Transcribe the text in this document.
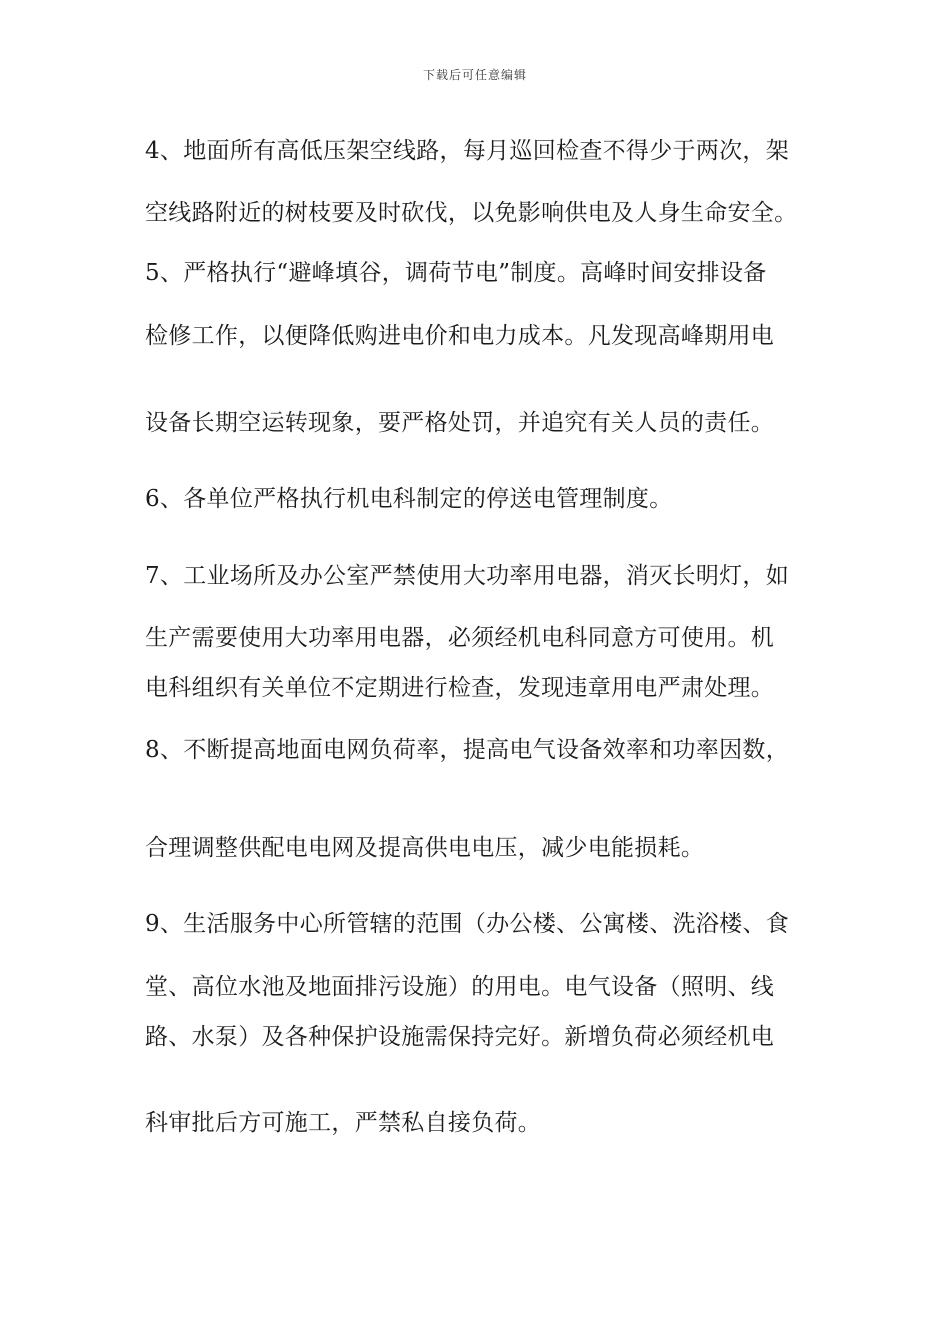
下载后可任意编辑
4、地面所有高低压架空线路，每月巡回检查不得少于两次，架
空线路附近的树枝要及时砍伐，以免影响供电及人身生命安全。
5、严格执行“避峰填谷，调荷节电”制度。高峰时间安排设备
检修工作，以便降低购进电价和电力成本。凡发现高峰期用电
设备长期空运转现象，要严格处罚，并追究有关人员的责任。
6、各单位严格执行机电科制定的停送电管理制度。
7、工业场所及办公室严禁使用大功率用电器，消灭长明灯，如
生产需要使用大功率用电器，必须经机电科同意方可使用。机
电科组织有关单位不定期进行检查，发现违章用电严肃处理。
8、不断提高地面电网负荷率，提高电气设备效率和功率因数，
合理调整供配电电网及提高供电电压，减少电能损耗。
9、生活服务中心所管辖的范围（办公楼、公寓楼、洗浴楼、食
堂、高位水池及地面排污设施）的用电。电气设备（照明、线
路、水泵）及各种保护设施需保持完好。新增负荷必须经机电
科审批后方可施工，严禁私自接负荷。
